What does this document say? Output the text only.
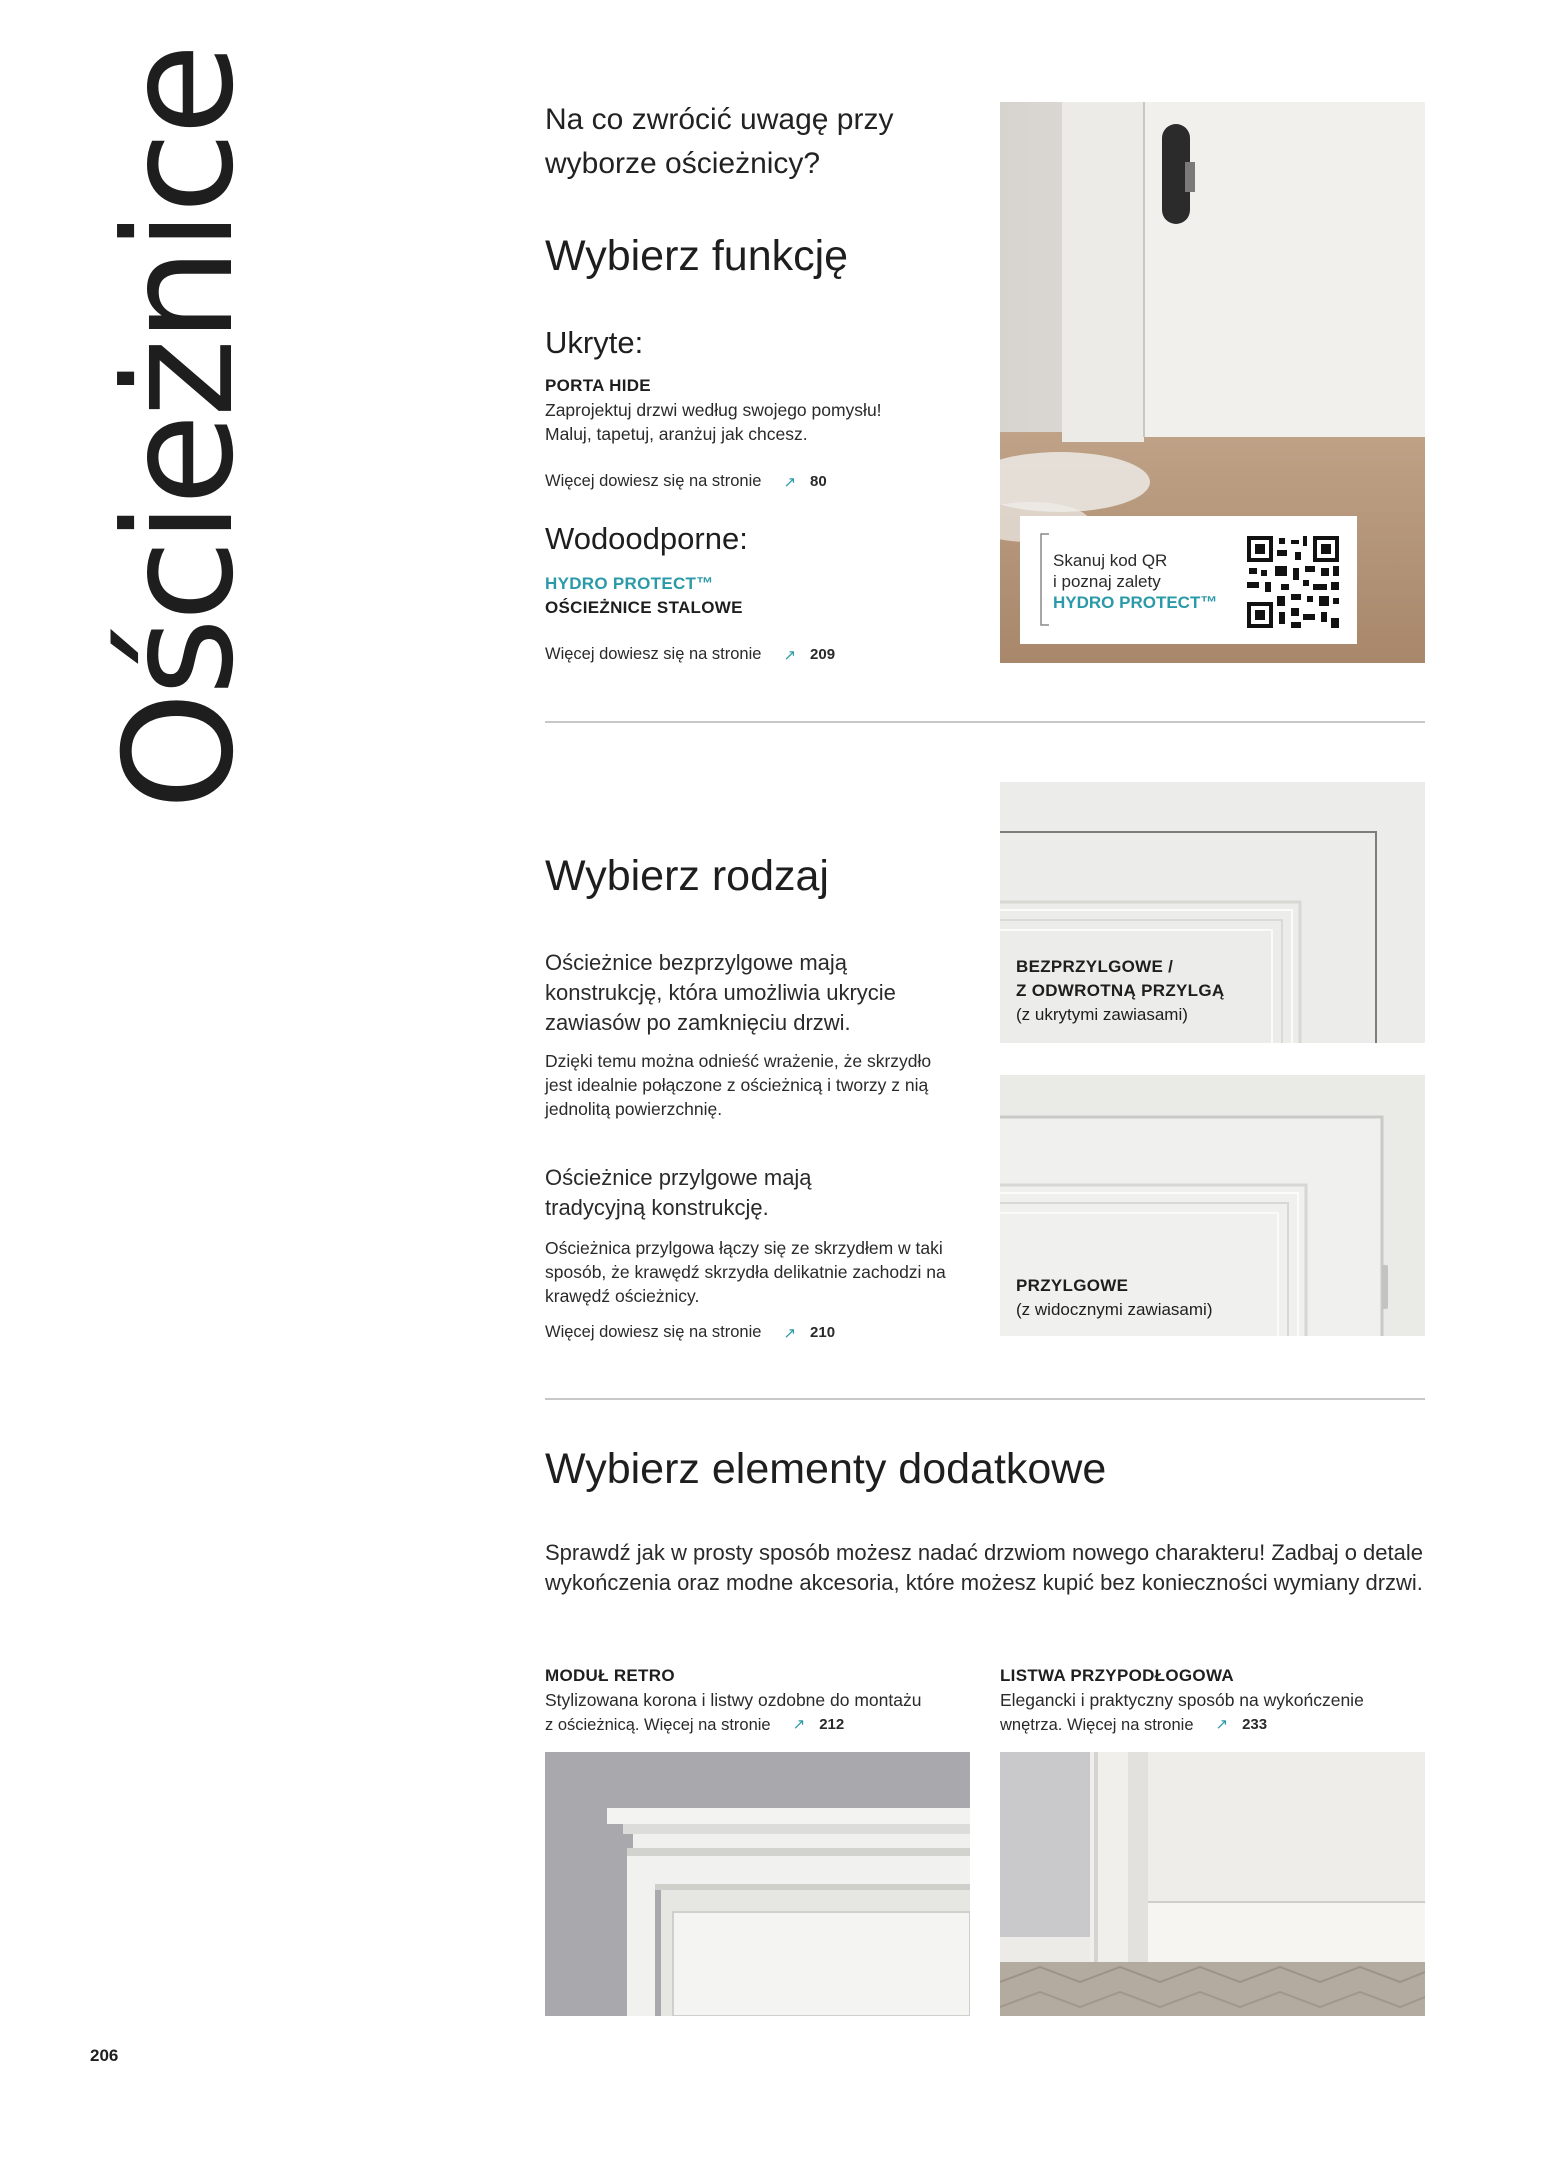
Ościeżnice	Na co zwrócić uwagę przy wyborze ościeżnicy?
Wybierz funkcję
Ukryte:
PORTA HIDE
Zaprojektuj drzwi według swojego pomysłu!
Maluj, tapetuj, aranżuj jak chcesz.
Więcej dowiesz się na stronie ↗ 80
Wodoodporne:
HYDRO PROTECT™
OŚCIEŻNICE STALOWE
Więcej dowiesz się na stronie ↗ 209
Skanuj kod QR
i poznaj zalety
HYDRO PROTECT™
Wybierz rodzaj
Ościeżnice bezprzylgowe mają konstrukcję, która umożliwia ukrycie zawiasów po zamknięciu drzwi.
Dzięki temu można odnieść wrażenie, że skrzydło jest idealnie połączone z ościeżnicą i tworzy z nią jednolitą powierzchnię.
Ościeżnice przylgowe mają tradycyjną konstrukcję.
Ościeżnica przylgowa łączy się ze skrzydłem w taki sposób, że krawędź skrzydła delikatnie zachodzi na krawędź ościeżnicy.
Więcej dowiesz się na stronie ↗ 210
BEZPRZYLGOWE /
Z ODWROTNĄ PRZYLGĄ
(z ukrytymi zawiasami)
PRZYLGOWE
(z widocznymi zawiasami)
Wybierz elementy dodatkowe
Sprawdź jak w prosty sposób możesz nadać drzwiom nowego charakteru! Zadbaj o detale wykończenia oraz modne akcesoria, które możesz kupić bez konieczności wymiany drzwi.
MODUŁ RETRO
Stylizowana korona i listwy ozdobne do montażu
z ościeżnicą. Więcej na stronie ↗ 212
LISTWA PRZYPODŁOGOWA
Elegancki i praktyczny sposób na wykończenie
wnętrza. Więcej na stronie ↗ 233
206
